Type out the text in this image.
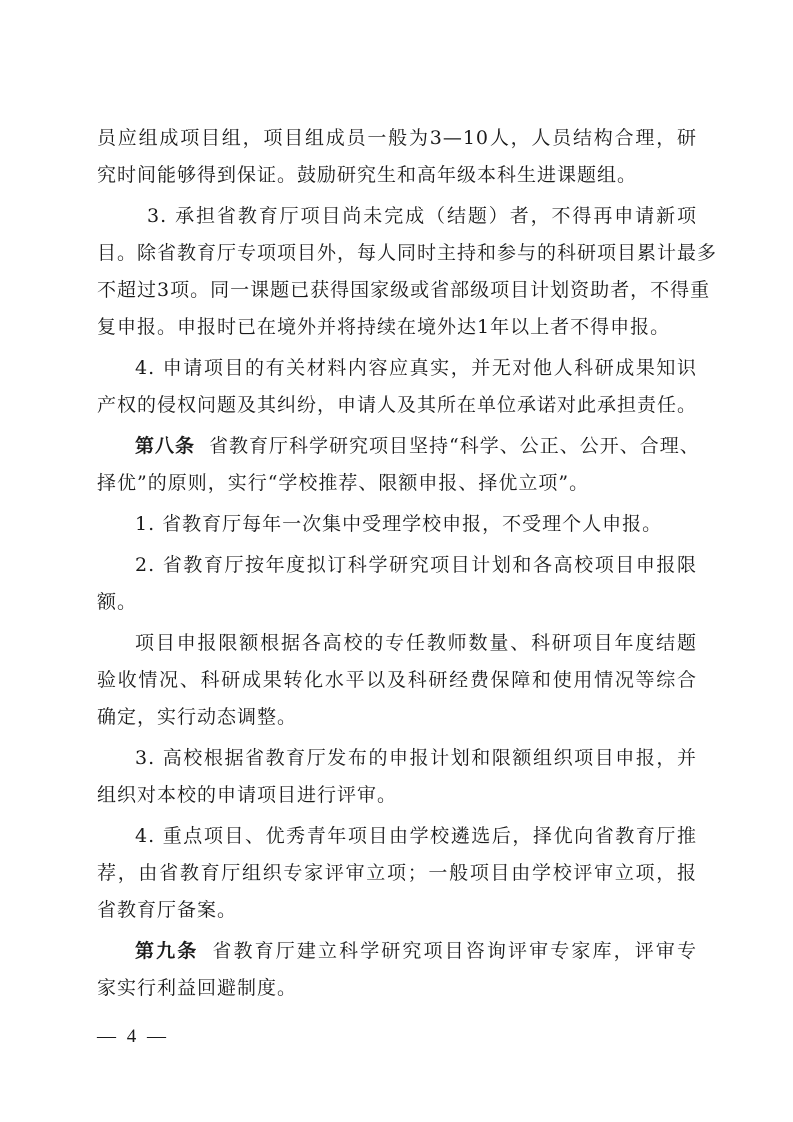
员应组成项目组，项目组成员一般为3—10人，人员结构合理，研
究时间能够得到保证。鼓励研究生和高年级本科生进课题组。
3. 承担省教育厅项目尚未完成（结题）者，不得再申请新项
目。除省教育厅专项项目外，每人同时主持和参与的科研项目累计最多
不超过3项。同一课题已获得国家级或省部级项目计划资助者，不得重
复申报。申报时已在境外并将持续在境外达1年以上者不得申报。
4. 申请项目的有关材料内容应真实，并无对他人科研成果知识
产权的侵权问题及其纠纷，申请人及其所在单位承诺对此承担责任。
第八条 省教育厅科学研究项目坚持“科学、公正、公开、合理、
择优”的原则，实行“学校推荐、限额申报、择优立项”。
1. 省教育厅每年一次集中受理学校申报，不受理个人申报。
2. 省教育厅按年度拟订科学研究项目计划和各高校项目申报限
额。
项目申报限额根据各高校的专任教师数量、科研项目年度结题
验收情况、科研成果转化水平以及科研经费保障和使用情况等综合
确定，实行动态调整。
3. 高校根据省教育厅发布的申报计划和限额组织项目申报，并
组织对本校的申请项目进行评审。
4. 重点项目、优秀青年项目由学校遴选后，择优向省教育厅推
荐，由省教育厅组织专家评审立项；一般项目由学校评审立项，报
省教育厅备案。
第九条 省教育厅建立科学研究项目咨询评审专家库，评审专
家实行利益回避制度。
— 4 —
